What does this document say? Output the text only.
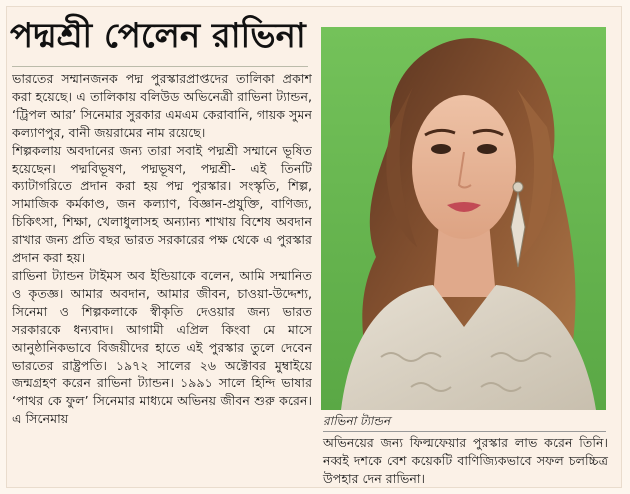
পদ্মশ্রী পেলেন রাভিনা

ভারতের সম্মানজনক পদ্ম পুরস্কারপ্রাপ্তদের তালিকা প্রকাশ করা হয়েছে। এ তালিকায় বলিউড অভিনেত্রী রাভিনা ট্যান্ডন, ‘ট্রিপল আর’ সিনেমার সুরকার এমএম কেরাবানি, গায়ক সুমন কল্যাণপুর, বানী জয়রামের নাম রয়েছে।

শিল্পকলায় অবদানের জন্য তারা সবাই পদ্মশ্রী সম্মানে ভূষিত হয়েছেন। পদ্মবিভূষণ, পদ্মভূষণ, পদ্মশ্রী- এই তিনটি ক্যাটাগরিতে প্রদান করা হয় পদ্ম পুরস্কার। সংস্কৃতি, শিল্প, সামাজিক কর্মকাণ্ড, জন কল্যাণ, বিজ্ঞান-প্রযুক্তি, বাণিজ্য, চিকিৎসা, শিক্ষা, খেলাধুলাসহ অন্যান্য শাখায় বিশেষ অবদান রাখার জন্য প্রতি বছর ভারত সরকারের পক্ষ থেকে এ পুরস্কার প্রদান করা হয়।

রাভিনা ট্যান্ডন টাইমস অব ইন্ডিয়াকে বলেন, আমি সম্মানিত ও কৃতজ্ঞ। আমার অবদান, আমার জীবন, চাওয়া-উদ্দেশ্য, সিনেমা ও শিল্পকলাকে স্বীকৃতি দেওয়ার জন্য ভারত সরকারকে ধন্যবাদ। আগামী এপ্রিল কিংবা মে মাসে আনুষ্ঠানিকভাবে বিজয়ীদের হাতে এই পুরস্কার তুলে দেবেন ভারতের রাষ্ট্রপতি। ১৯৭২ সালের ২৬ অক্টোবর মুম্বাইয়ে জন্মগ্রহণ করেন রাভিনা ট্যান্ডন। ১৯৯১ সালে হিন্দি ভাষার ‘পাথর কে ফুল’ সিনেমার মাধ্যমে অভিনয় জীবন শুরু করেন। এ সিনেমায়	রাভিনা ট্যান্ডন

অভিনয়ের জন্য ফিল্মফেয়ার পুরস্কার লাভ করেন তিনি। নব্বই দশকে বেশ কয়েকটি বাণিজ্যিকভাবে সফল চলচ্চিত্র উপহার দেন রাভিনা।
